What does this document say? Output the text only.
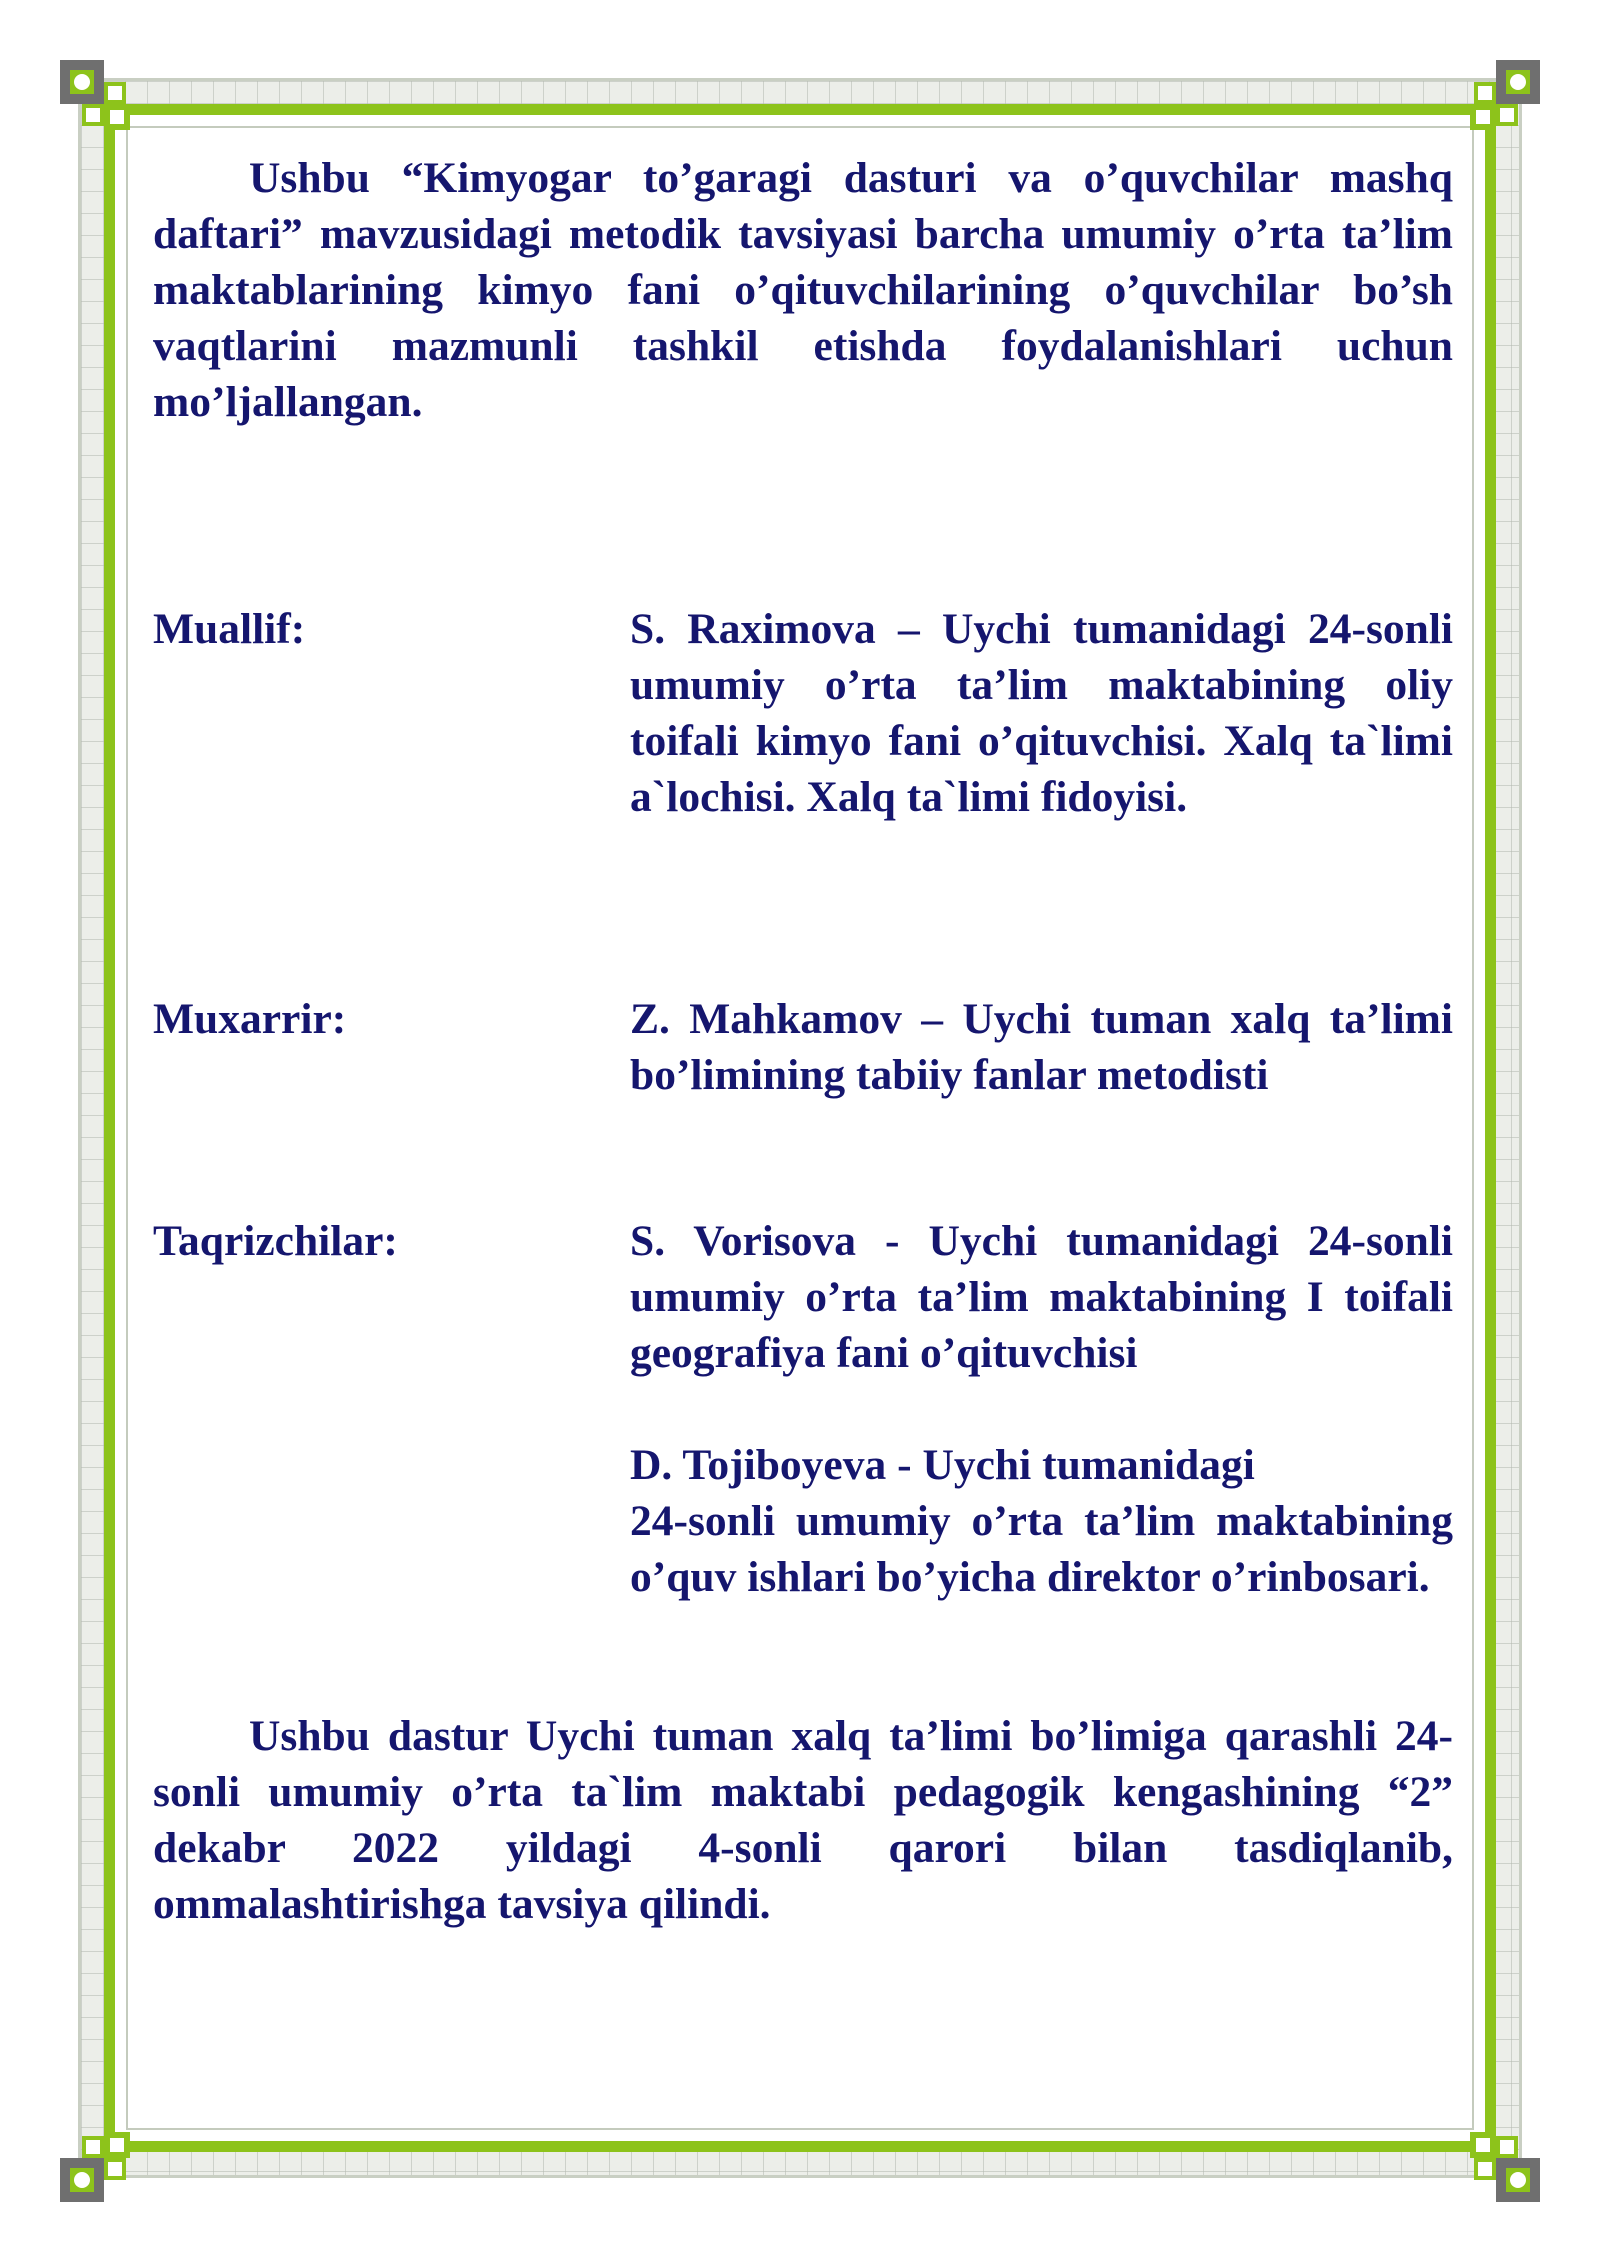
Ushbu “Kimyogar to’garagi dasturi va o’quvchilar mashq daftari” mavzusidagi metodik tavsiyasi barcha umumiy o’rta ta’lim maktablarining kimyo fani o’qituvchilarining o’quvchilar bo’sh vaqtlarini mazmunli tashkil etishda foydalanishlari uchun mo’ljallangan.

Muallif:	S. Raximova – Uychi tumanidagi 24-sonli umumiy o’rta ta’lim maktabining oliy toifali kimyo fani o’qituvchisi. Xalq ta`limi a`lochisi. Xalq ta`limi fidoyisi.

Muxarrir:	Z. Mahkamov – Uychi tuman xalq ta’limi bo’limining tabiiy fanlar metodisti

Taqrizchilar:	S. Vorisova - Uychi tumanidagi 24-sonli umumiy o’rta ta’lim maktabining I toifali geografiya fani o’qituvchisi

D. Tojiboyeva - Uychi tumanidagi

24-sonli umumiy o’rta ta’lim maktabining o’quv ishlari bo’yicha direktor o’rinbosari.

Ushbu dastur Uychi tuman xalq ta’limi bo’limiga qarashli 24-sonli umumiy o’rta ta`lim maktabi pedagogik kengashining “2” dekabr 2022 yildagi 4-sonli qarori bilan tasdiqlanib, ommalashtirishga tavsiya qilindi.
